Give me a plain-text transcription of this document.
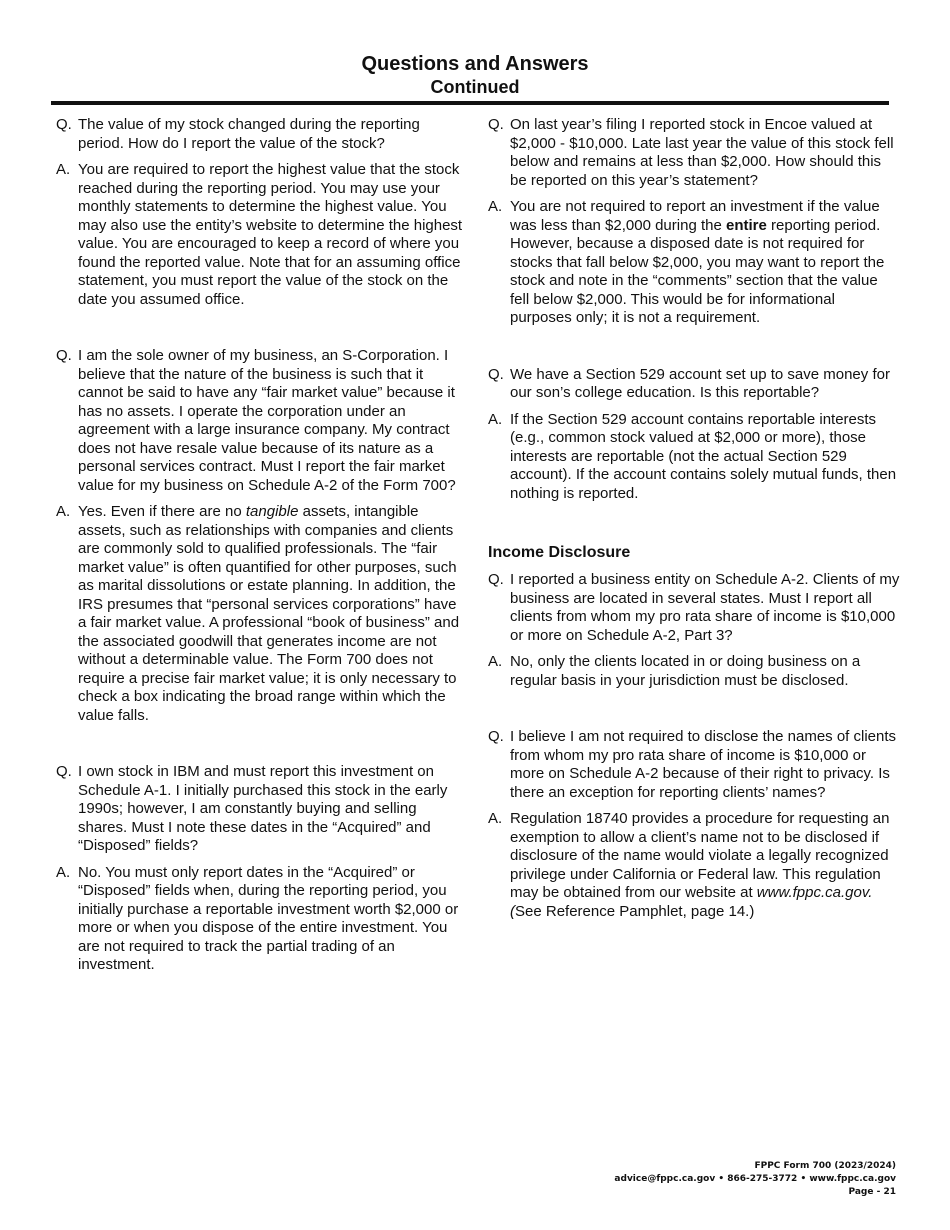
Questions and Answers
Continued
Q. The value of my stock changed during the reporting period. How do I report the value of the stock?
A. You are required to report the highest value that the stock reached during the reporting period. You may use your monthly statements to determine the highest value. You may also use the entity’s website to determine the highest value. You are encouraged to keep a record of where you found the reported value. Note that for an assuming office statement, you must report the value of the stock on the date you assumed office.
Q. I am the sole owner of my business, an S-Corporation. I believe that the nature of the business is such that it cannot be said to have any “fair market value” because it has no assets. I operate the corporation under an agreement with a large insurance company. My contract does not have resale value because of its nature as a personal services contract. Must I report the fair market value for my business on Schedule A-2 of the Form 700?
A. Yes. Even if there are no tangible assets, intangible assets, such as relationships with companies and clients are commonly sold to qualified professionals. The “fair market value” is often quantified for other purposes, such as marital dissolutions or estate planning. In addition, the IRS presumes that “personal services corporations” have a fair market value. A professional “book of business” and the associated goodwill that generates income are not without a determinable value. The Form 700 does not require a precise fair market value; it is only necessary to check a box indicating the broad range within which the value falls.
Q. I own stock in IBM and must report this investment on Schedule A-1. I initially purchased this stock in the early 1990s; however, I am constantly buying and selling shares. Must I note these dates in the “Acquired” and “Disposed” fields?
A. No. You must only report dates in the “Acquired” or “Disposed” fields when, during the reporting period, you initially purchase a reportable investment worth $2,000 or more or when you dispose of the entire investment. You are not required to track the partial trading of an investment.
Q. On last year’s filing I reported stock in Encoe valued at $2,000 - $10,000. Late last year the value of this stock fell below and remains at less than $2,000. How should this be reported on this year’s statement?
A. You are not required to report an investment if the value was less than $2,000 during the entire reporting period. However, because a disposed date is not required for stocks that fall below $2,000, you may want to report the stock and note in the “comments” section that the value fell below $2,000. This would be for informational purposes only; it is not a requirement.
Q. We have a Section 529 account set up to save money for our son’s college education. Is this reportable?
A. If the Section 529 account contains reportable interests (e.g., common stock valued at $2,000 or more), those interests are reportable (not the actual Section 529 account). If the account contains solely mutual funds, then nothing is reported.
Income Disclosure
Q. I reported a business entity on Schedule A-2. Clients of my business are located in several states. Must I report all clients from whom my pro rata share of income is $10,000 or more on Schedule A-2, Part 3?
A. No, only the clients located in or doing business on a regular basis in your jurisdiction must be disclosed.
Q. I believe I am not required to disclose the names of clients from whom my pro rata share of income is $10,000 or more on Schedule A-2 because of their right to privacy. Is there an exception for reporting clients’ names?
A. Regulation 18740 provides a procedure for requesting an exemption to allow a client’s name not to be disclosed if disclosure of the name would violate a legally recognized privilege under California or Federal law. This regulation may be obtained from our website at www.fppc.ca.gov. (See Reference Pamphlet, page 14.)
FPPC Form 700 (2023/2024)
advice@fppc.ca.gov • 866-275-3772 • www.fppc.ca.gov
Page - 21
